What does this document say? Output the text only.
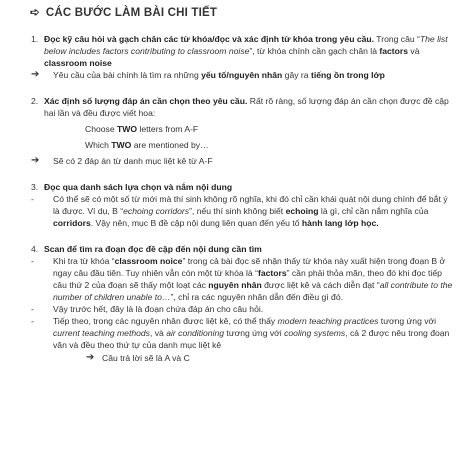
➪ CÁC BƯỚC LÀM BÀI CHI TIẾT
1. Đọc kỹ câu hỏi và gạch chân các từ khóa/đọc và xác định từ khóa trong yêu cầu. Trong câu “The list below includes factors contributing to classroom noise”, từ khóa chính cần gạch chân là factors và classroom noise
➔	Yêu cầu của bài chính là tìm ra những yếu tố/nguyên nhân gây ra tiếng ồn trong lớp
2. Xác định số lượng đáp án cần chọn theo yêu cầu. Rất rõ ràng, số lượng đáp án cần chọn được đề cập hai lần và đều được viết hoa:
Choose TWO letters from A-F
Which TWO are mentioned by…
➔	Sẽ có 2 đáp án từ danh mục liệt kê từ A-F
3. Đọc qua danh sách lựa chọn và nắm nội dung
-	Có thể sẽ có một số từ mới mà thí sinh không rõ nghĩa, khi đó chỉ cần khái quát nội dung chính để bắt ý là được. Ví dụ, B “echoing corridors”, nếu thí sinh không biết echoing là gì, chỉ cần nắm nghĩa của corridors. Vậy nên, mục B đề cập nội dung liên quan đến yếu tố hành lang lớp học.
4. Scan để tìm ra đoạn đọc đề cập đến nội dung cần tìm
-	Khi tra từ khóa “classroom noice” trong cả bài đọc sẽ nhận thấy từ khóa này xuất hiện trong đoạn B ở ngay câu đầu tiên. Tuy nhiên vẫn còn một từ khóa là “factors” cần phải thỏa mãn, theo đó khi đọc tiếp câu thứ 2 của đoạn sẽ thấy một loạt các nguyên nhân được liệt kê và cách diễn đạt “all contribute to the number of children unable to…”, chỉ ra các nguyên nhân dẫn đến điều gì đó.
-	Vậy trước hết, đây là là đoạn chứa đáp án cho câu hỏi.
-	Tiếp theo, trong các nguyên nhân được liệt kê, có thể thấy modern teaching practices tương ứng với current teaching methods, và air conditioning tương ứng với cooling systems, cả 2 được nêu trong đoạn văn và đều theo thứ tự của danh mục liệt kê
➔ Câu trả lời sẽ là A và C
